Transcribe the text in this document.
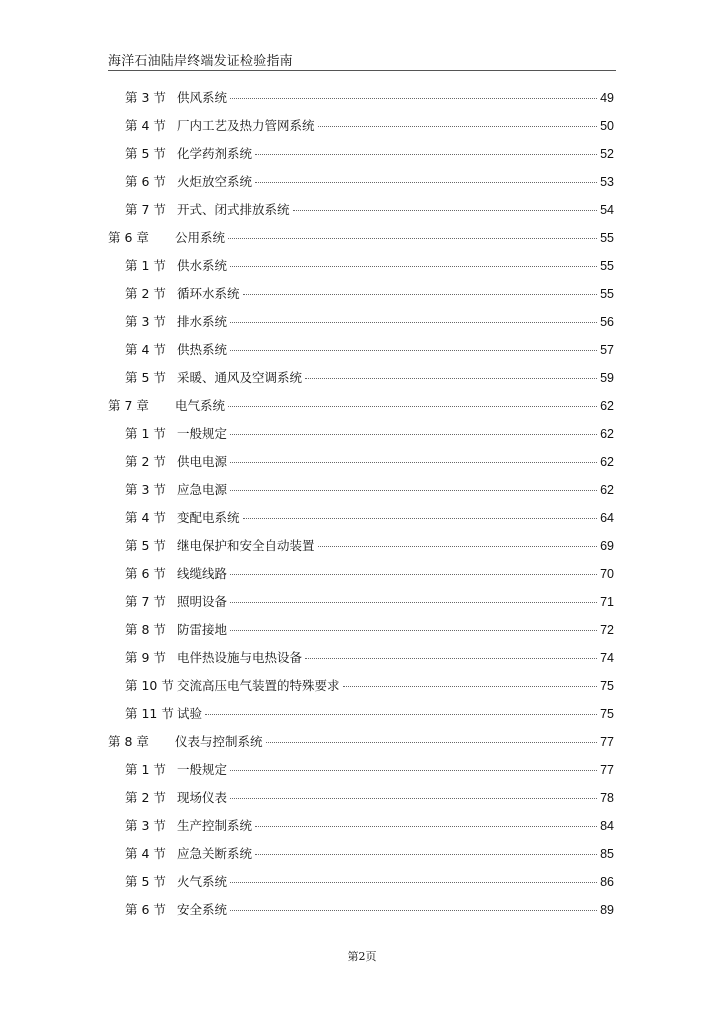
海洋石油陆岸终端发证检验指南
第 3 节 供风系统	49
第 4 节 厂内工艺及热力管网系统	50
第 5 节 化学药剂系统	52
第 6 节 火炬放空系统	53
第 7 节 开式、闭式排放系统	54
第 6 章	公用系统	55
第 1 节 供水系统	55
第 2 节 循环水系统	55
第 3 节 排水系统	56
第 4 节 供热系统	57
第 5 节 采暖、通风及空调系统	59
第 7 章	电气系统	62
第 1 节 一般规定	62
第 2 节 供电电源	62
第 3 节 应急电源	62
第 4 节 变配电系统	64
第 5 节 继电保护和安全自动装置	69
第 6 节 线缆线路	70
第 7 节 照明设备	71
第 8 节 防雷接地	72
第 9 节 电伴热设施与电热设备	74
第 10 节 交流高压电气装置的特殊要求	75
第 11 节 试验	75
第 8 章	仪表与控制系统	77
第 1 节 一般规定	77
第 2 节 现场仪表	78
第 3 节 生产控制系统	84
第 4 节 应急关断系统	85
第 5 节 火气系统	86
第 6 节 安全系统	89
第2页
